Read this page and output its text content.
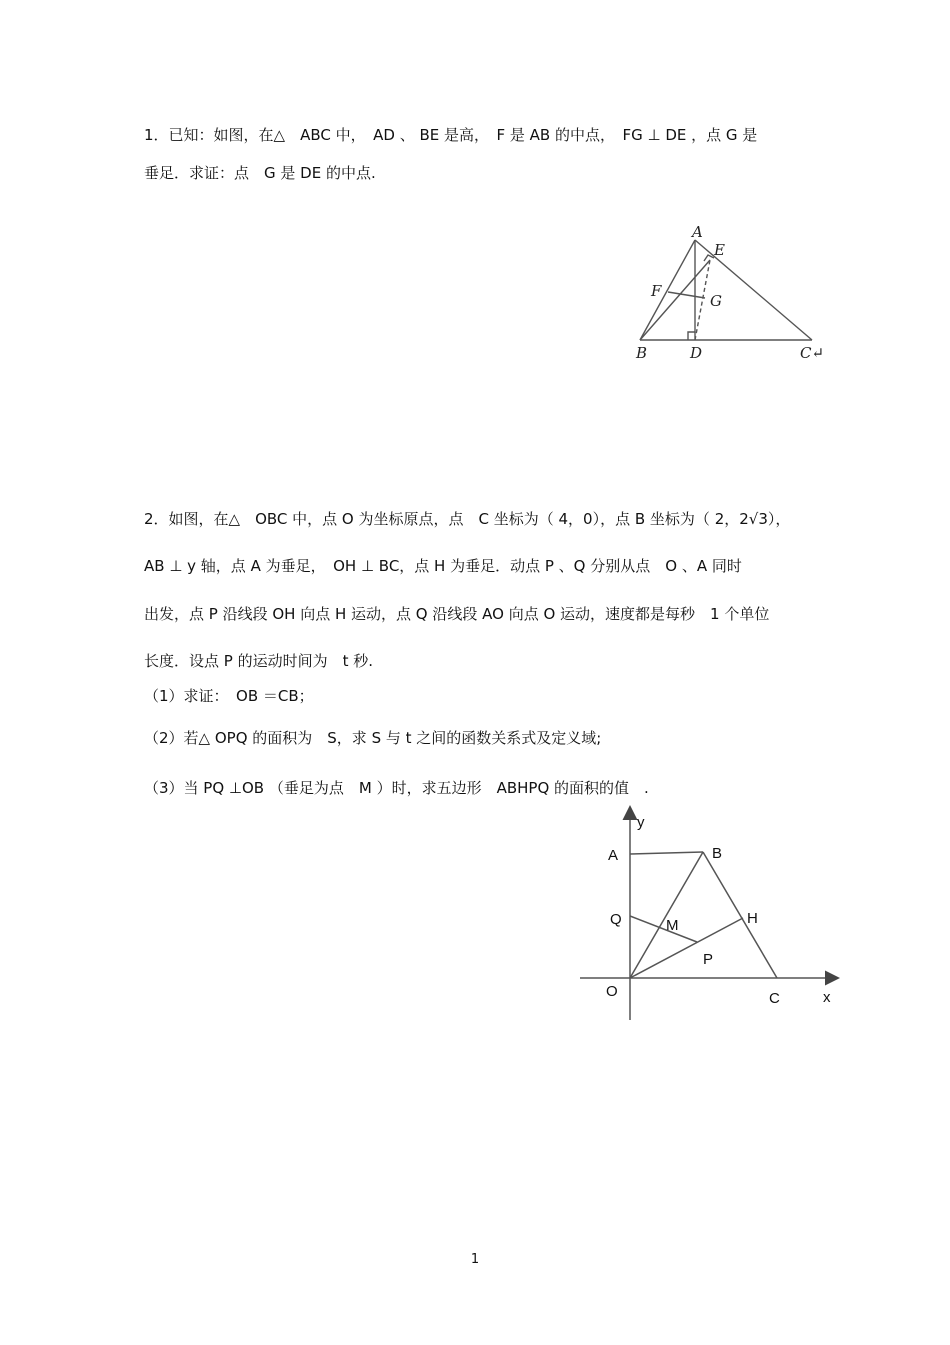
1．已知：如图，在△　ABC 中，　AD 、 BE 是高，　F 是 AB 的中点，　FG ⊥ DE ，点 G 是
垂足．求证：点　G 是 DE 的中点.
A
E
F
G
B	D	C↵
2．如图，在△　OBC 中，点 O 为坐标原点，点　C 坐标为（ 4，0），点 B 坐标为（ 2，2√3），
AB ⊥ y 轴，点 A 为垂足，　OH ⊥ BC，点 H 为垂足．动点 P 、Q 分别从点　O 、A 同时
出发，点 P 沿线段 OH 向点 H 运动，点 Q 沿线段 AO 向点 O 运动，速度都是每秒　1 个单位
长度．设点 P 的运动时间为　t 秒.
（1）求证：　OB ＝CB；
（2）若△ OPQ 的面积为　S，求 S 与 t 之间的函数关系式及定义域;
（3）当 PQ ⊥OB （垂足为点　M ）时，求五边形　ABHPQ 的面积的值　.
y
A	B
Q	M	H
P
O	C	x
1
